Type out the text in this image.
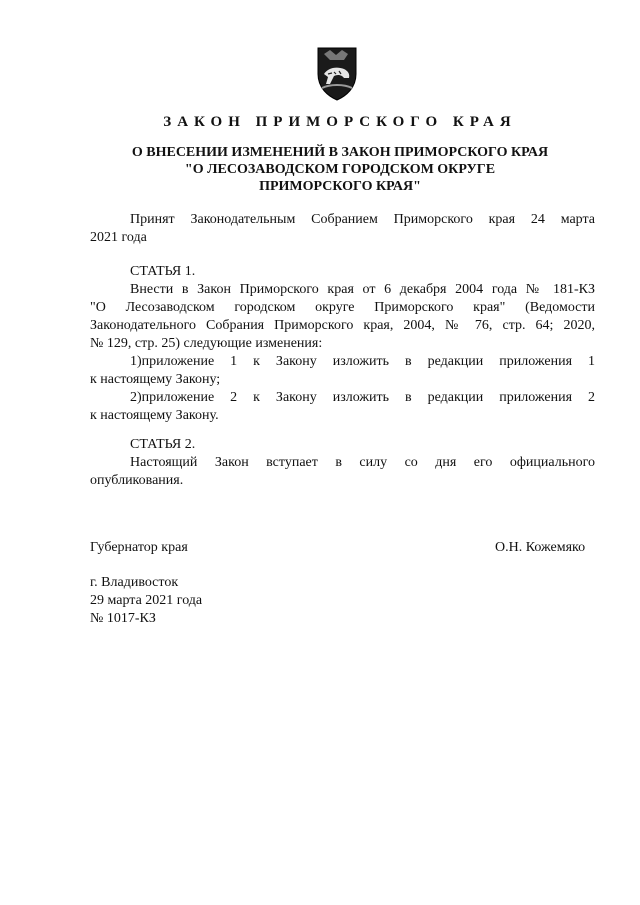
ЗАКОН ПРИМОРСКОГО КРАЯ
О ВНЕСЕНИИ ИЗМЕНЕНИЙ В ЗАКОН ПРИМОРСКОГО КРАЯ
"О ЛЕСОЗАВОДСКОМ ГОРОДСКОМ ОКРУГЕ
ПРИМОРСКОГО КРАЯ"
Принят Законодательным Собранием Приморского края 24 марта
2021 года
СТАТЬЯ 1.
Внести в Закон Приморского края от 6 декабря 2004 года № 181-КЗ
"О Лесозаводском городском округе Приморского края" (Ведомости
Законодательного Собрания Приморского края, 2004, № 76, стр. 64; 2020,
№ 129, стр. 25) следующие изменения:
1)приложение 1 к Закону изложить в редакции приложения 1
к настоящему Закону;
2)приложение 2 к Закону изложить в редакции приложения 2
к настоящему Закону.
СТАТЬЯ 2.
Настоящий Закон вступает в силу со дня его официального
опубликования.
Губернатор края	О.Н. Кожемяко
г. Владивосток
29 марта 2021 года
№ 1017-КЗ
